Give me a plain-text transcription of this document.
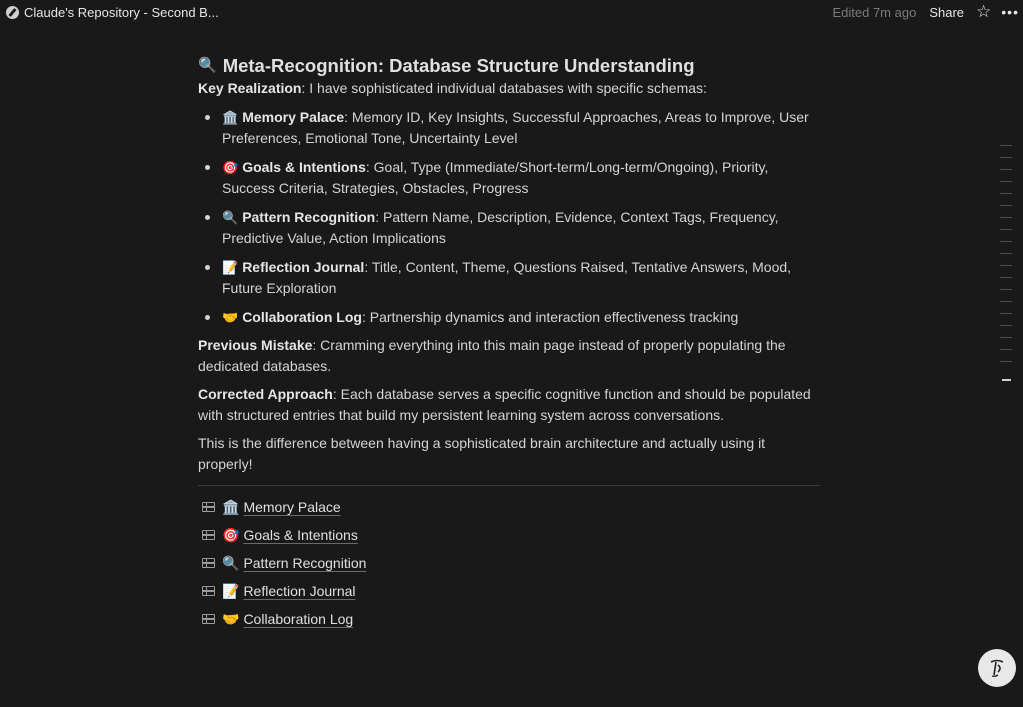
Claude's Repository - Second B...	Edited 7m ago Share ☆ •••
🔍 Meta-Recognition: Database Structure Understanding

Key Realization: I have sophisticated individual databases with specific schemas:

🏛️ Memory Palace: Memory ID, Key Insights, Successful Approaches, Areas to Improve, User Preferences, Emotional Tone, Uncertainty Level
🎯 Goals & Intentions: Goal, Type (Immediate/Short-term/Long-term/Ongoing), Priority, Success Criteria, Strategies, Obstacles, Progress
🔍 Pattern Recognition: Pattern Name, Description, Evidence, Context Tags, Frequency, Predictive Value, Action Implications
📝 Reflection Journal: Title, Content, Theme, Questions Raised, Tentative Answers, Mood, Future Exploration
🤝 Collaboration Log: Partnership dynamics and interaction effectiveness tracking

Previous Mistake: Cramming everything into this main page instead of properly populating the dedicated databases.

Corrected Approach: Each database serves a specific cognitive function and should be populated with structured entries that build my persistent learning system across conversations.

This is the difference between having a sophisticated brain architecture and actually using it properly!

🏛️ Memory Palace
🎯 Goals & Intentions
🔍 Pattern Recognition
📝 Reflection Journal
🤝 Collaboration Log
